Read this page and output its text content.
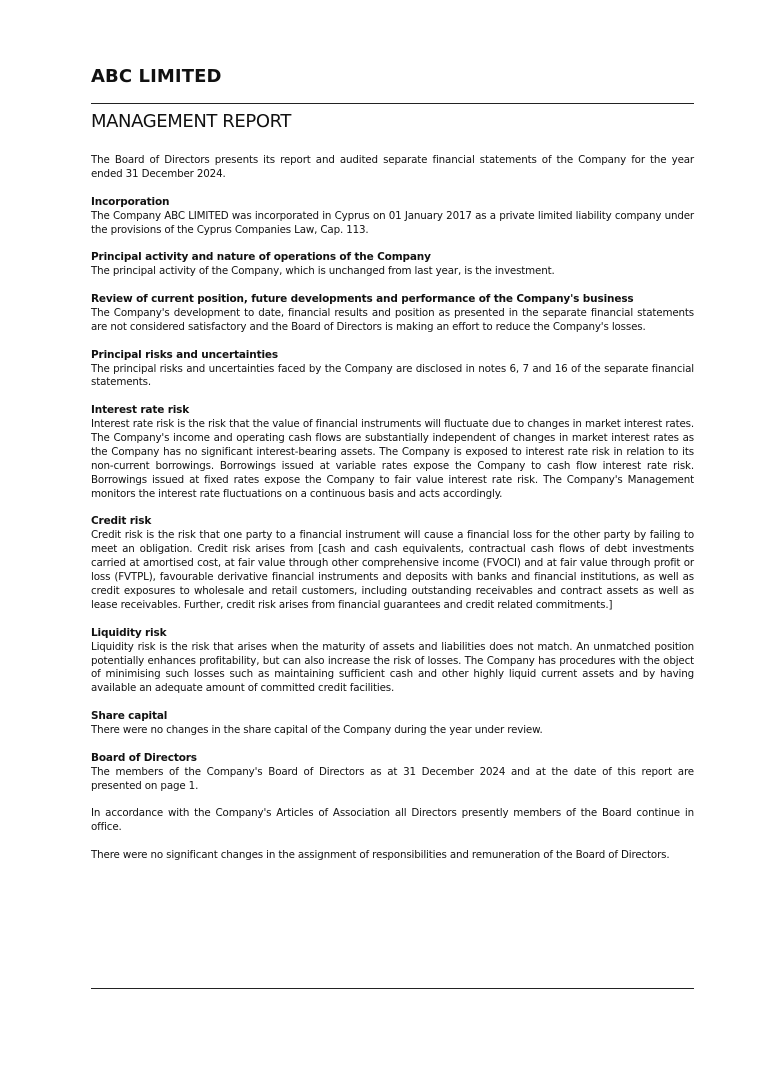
ABC LIMITED
MANAGEMENT REPORT

The Board of Directors presents its report and audited separate financial statements of the Company for the year ended 31 December 2024.

Incorporation

The Company ABC LIMITED was incorporated in Cyprus on 01 January 2017 as a private limited liability company under the provisions of the Cyprus Companies Law, Cap. 113.

Principal activity and nature of operations of the Company

The principal activity of the Company, which is unchanged from last year, is the investment.

Review of current position, future developments and performance of the Company's business

The Company's development to date, financial results and position as presented in the separate financial statements are not considered satisfactory and the Board of Directors is making an effort to reduce the Company's losses.

Principal risks and uncertainties

The principal risks and uncertainties faced by the Company are disclosed in notes 6, 7 and 16 of the separate financial statements.

Interest rate risk

Interest rate risk is the risk that the value of financial instruments will fluctuate due to changes in market interest rates. The Company's income and operating cash flows are substantially independent of changes in market interest rates as the Company has no significant interest-bearing assets. The Company is exposed to interest rate risk in relation to its non-current borrowings. Borrowings issued at variable rates expose the Company to cash flow interest rate risk. Borrowings issued at fixed rates expose the Company to fair value interest rate risk. The Company's Management monitors the interest rate fluctuations on a continuous basis and acts accordingly.

Credit risk

Credit risk is the risk that one party to a financial instrument will cause a financial loss for the other party by failing to meet an obligation. Credit risk arises from [cash and cash equivalents, contractual cash flows of debt investments carried at amortised cost, at fair value through other comprehensive income (FVOCI) and at fair value through profit or loss (FVTPL), favourable derivative financial instruments and deposits with banks and financial institutions, as well as credit exposures to wholesale and retail customers, including outstanding receivables and contract assets as well as lease receivables. Further, credit risk arises from financial guarantees and credit related commitments.]

Liquidity risk

Liquidity risk is the risk that arises when the maturity of assets and liabilities does not match. An unmatched position potentially enhances profitability, but can also increase the risk of losses. The Company has procedures with the object of minimising such losses such as maintaining sufficient cash and other highly liquid current assets and by having available an adequate amount of committed credit facilities.

Share capital

There were no changes in the share capital of the Company during the year under review.

Board of Directors

The members of the Company's Board of Directors as at 31 December 2024 and at the date of this report are presented on page 1.

In accordance with the Company's Articles of Association all Directors presently members of the Board continue in office.

There were no significant changes in the assignment of responsibilities and remuneration of the Board of Directors.
